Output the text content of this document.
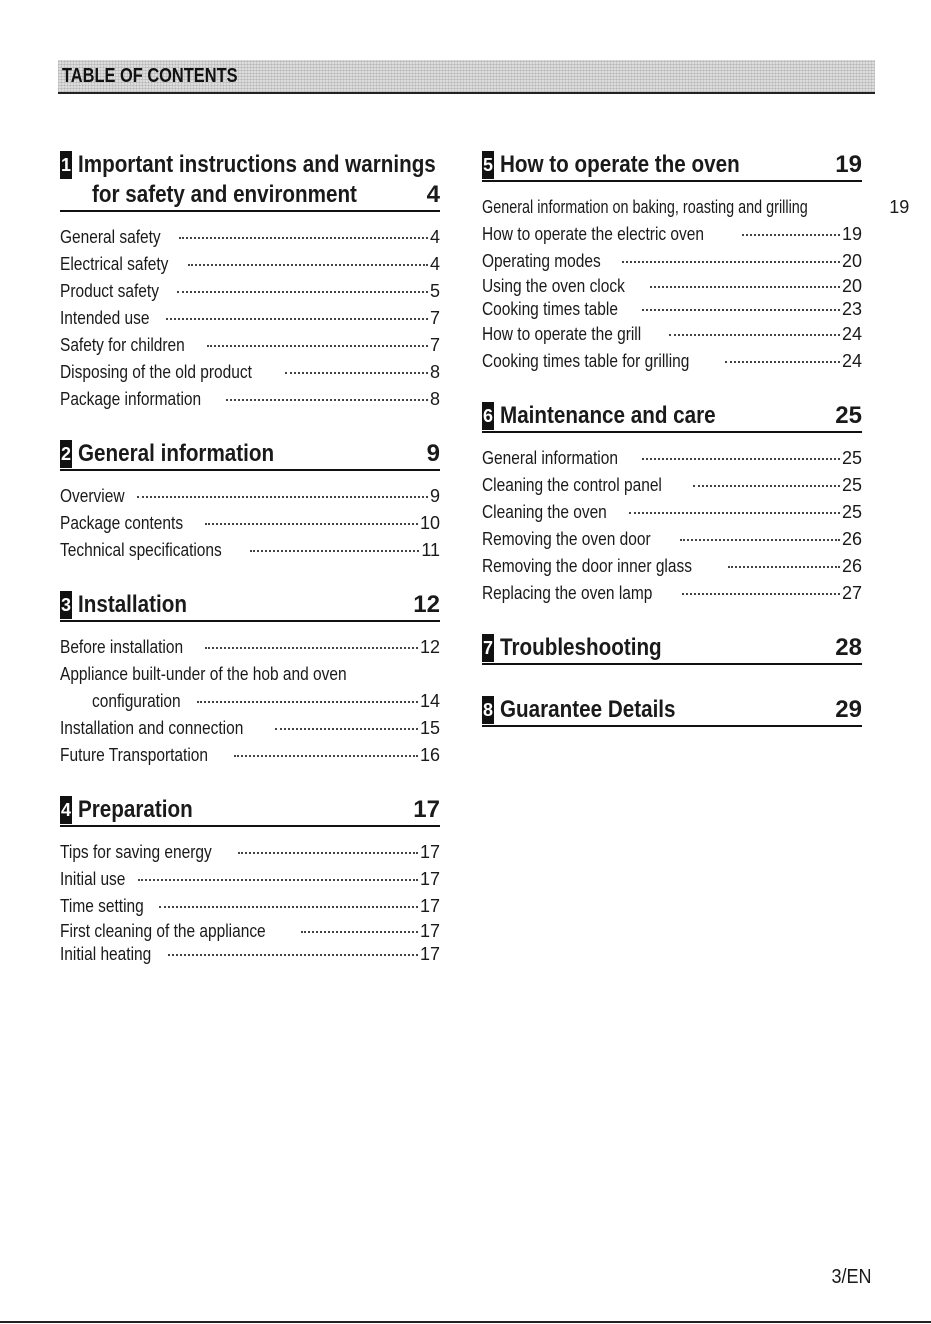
TABLE OF CONTENTS
1 Important instructions and warnings
for safety and environment	4
General safety	4
Electrical safety	4
Product safety	5
Intended use	7
Safety for children	7
Disposing of the old product	8
Package information	8
2 General information	9
Overview	9
Package contents	10
Technical specifications	11
3 Installation	12
Before installation	12
Appliance built-under of the hob and oven
configuration	14
Installation and connection	15
Future Transportation	16
4 Preparation	17
Tips for saving energy	17
Initial use	17
Time setting	17
First cleaning of the appliance	17
Initial heating	17
5 How to operate the oven	19
General information on baking, roasting and grilling	19
How to operate the electric oven	19
Operating modes	20
Using the oven clock	20
Cooking times table	23
How to operate the grill	24
Cooking times table for grilling	24
6 Maintenance and care	25
General information	25
Cleaning the control panel	25
Cleaning the oven	25
Removing the oven door	26
Removing the door inner glass	26
Replacing the oven lamp	27
7 Troubleshooting	28
8 Guarantee Details	29
3/EN
